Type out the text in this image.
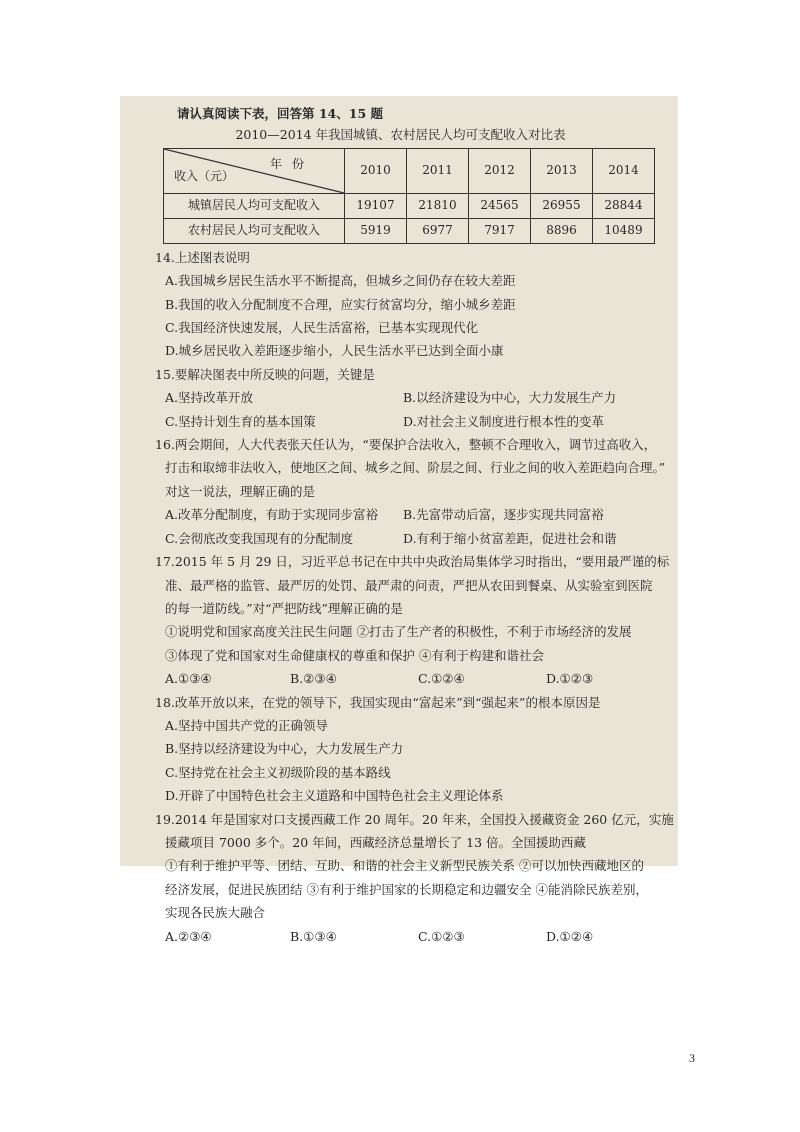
请认真阅读下表，回答第 14、15 题
2010—2014 年我国城镇、农村居民人均可支配收入对比表
年份
收入（元）	2010	2011	2012	2013	2014
城镇居民人均可支配收入	19107	21810	24565	26955	28844
农村居民人均可支配收入	5919	6977	7917	8896	10489
14.上述图表说明
A.我国城乡居民生活水平不断提高，但城乡之间仍存在较大差距
B.我国的收入分配制度不合理，应实行贫富均分，缩小城乡差距
C.我国经济快速发展，人民生活富裕，已基本实现现代化
D.城乡居民收入差距逐步缩小，人民生活水平已达到全面小康
15.要解决图表中所反映的问题，关键是
A.坚持改革开放	B.以经济建设为中心，大力发展生产力
C.坚持计划生育的基本国策	D.对社会主义制度进行根本性的变革
16.两会期间，人大代表张天任认为，“要保护合法收入，整顿不合理收入，调节过高收入，
打击和取缔非法收入，使地区之间、城乡之间、阶层之间、行业之间的收入差距趋向合理。”
对这一说法，理解正确的是
A.改革分配制度，有助于实现同步富裕	B.先富带动后富，逐步实现共同富裕
C.会彻底改变我国现有的分配制度	D.有利于缩小贫富差距，促进社会和谐
17.2015 年 5 月 29 日，习近平总书记在中共中央政治局集体学习时指出，“要用最严谨的标
准、最严格的监管、最严厉的处罚、最严肃的问责，严把从农田到餐桌、从实验室到医院
的每一道防线。”对“严把防线”理解正确的是
①说明党和国家高度关注民生问题 ②打击了生产者的积极性，不利于市场经济的发展
③体现了党和国家对生命健康权的尊重和保护 ④有利于构建和谐社会
A.①③④	B.②③④	C.①②④	D.①②③
18.改革开放以来，在党的领导下，我国实现由“富起来”到“强起来”的根本原因是
A.坚持中国共产党的正确领导
B.坚持以经济建设为中心，大力发展生产力
C.坚持党在社会主义初级阶段的基本路线
D.开辟了中国特色社会主义道路和中国特色社会主义理论体系
19.2014 年是国家对口支援西藏工作 20 周年。20 年来，全国投入援藏资金 260 亿元，实施
援藏项目 7000 多个。20 年间，西藏经济总量增长了 13 倍。全国援助西藏
①有利于维护平等、团结、互助、和谐的社会主义新型民族关系 ②可以加快西藏地区的
经济发展，促进民族团结 ③有利于维护国家的长期稳定和边疆安全 ④能消除民族差别，
实现各民族大融合
A.②③④	B.①③④	C.①②③	D.①②④
3
